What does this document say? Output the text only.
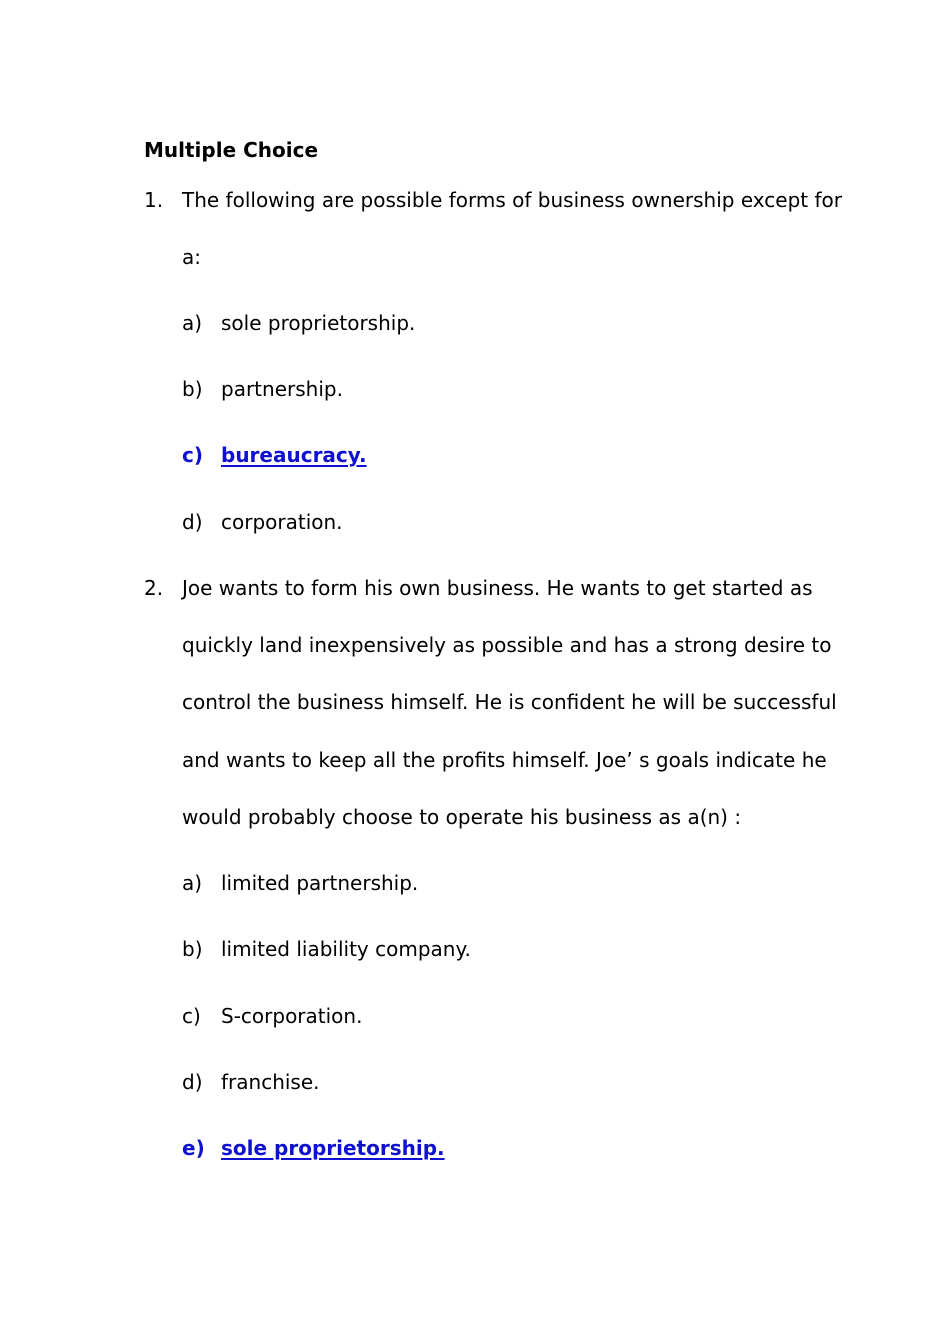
Multiple Choice
1. The following are possible forms of business ownership except for
a:
a) sole proprietorship.
b) partnership.
c) bureaucracy.
d) corporation.
2. Joe wants to form his own business. He wants to get started as
quickly land inexpensively as possible and has a strong desire to
control the business himself. He is confident he will be successful
and wants to keep all the profits himself. Joe’ s goals indicate he
would probably choose to operate his business as a(n) :
a) limited partnership.
b) limited liability company.
c) S-corporation.
d) franchise.
e) sole proprietorship.
